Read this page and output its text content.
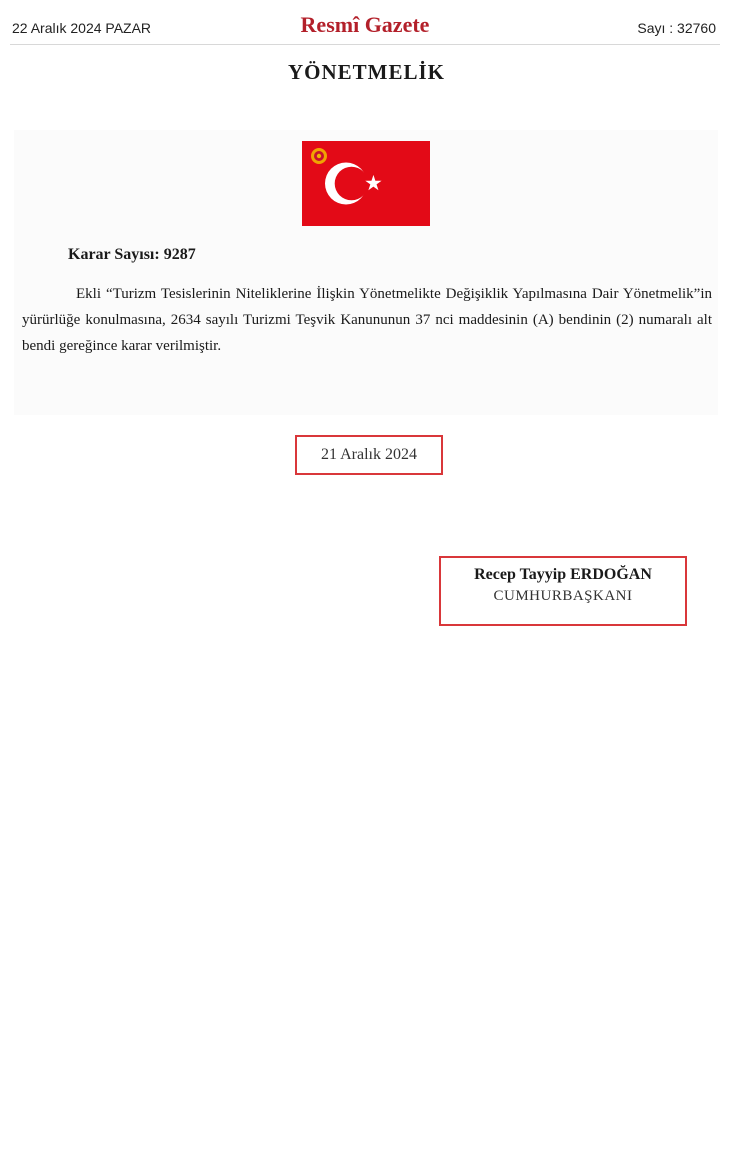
22 Aralık 2024 PAZAR	Resmî Gazete	Sayı : 32760
YÖNETMELİK
Karar Sayısı: 9287
Ekli “Turizm Tesislerinin Niteliklerine İlişkin Yönetmelikte Değişiklik Yapılmasına Dair Yönetmelik”in yürürlüğe konulmasına, 2634 sayılı Turizmi Teşvik Kanununun 37 nci maddesinin (A) bendinin (2) numaralı alt bendi gereğince karar verilmiştir.
21 Aralık 2024
Recep Tayyip ERDOĞAN
CUMHURBAŞKANI
